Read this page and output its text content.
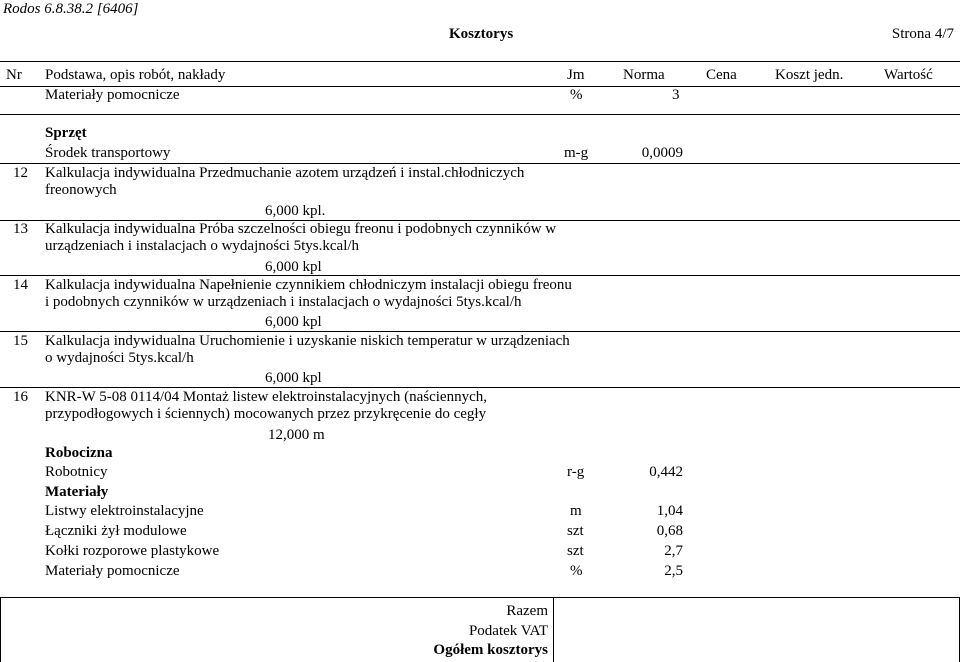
Rodos 6.8.38.2 [6406]
Kosztorys	Strona 4/7
Nr Podstawa, opis robót, nakłady	Jm	Norma	Cena	Koszt jedn.	Wartość
Materiały pomocnicze	%	3
Sprzęt
Środek transportowy	m-g	0,0009
12 Kalkulacja indywidualna Przedmuchanie azotem urządzeń i instal.chłodniczych
freonowych
6,000 kpl.
13 Kalkulacja indywidualna Próba szczelności obiegu freonu i podobnych czynników w
urządzeniach i instalacjach o wydajności 5tys.kcal/h
6,000 kpl
14 Kalkulacja indywidualna Napełnienie czynnikiem chłodniczym instalacji obiegu freonu
i podobnych czynników w urządzeniach i instalacjach o wydajności 5tys.kcal/h
6,000 kpl
15 Kalkulacja indywidualna Uruchomienie i uzyskanie niskich temperatur w urządzeniach
o wydajności 5tys.kcal/h
6,000 kpl
16 KNR-W 5-08 0114/04 Montaż listew elektroinstalacyjnych (naściennych,
przypodłogowych i ściennych) mocowanych przez przykręcenie do cegły
12,000 m
Robocizna
Robotnicy	r-g	0,442
Materiały
Listwy elektroinstalacyjne	m	1,04
Łączniki żył modulowe	szt	0,68
Kołki rozporowe plastykowe	szt	2,7
Materiały pomocnicze	%	2,5
Razem
Podatek VAT
Ogółem kosztorys
